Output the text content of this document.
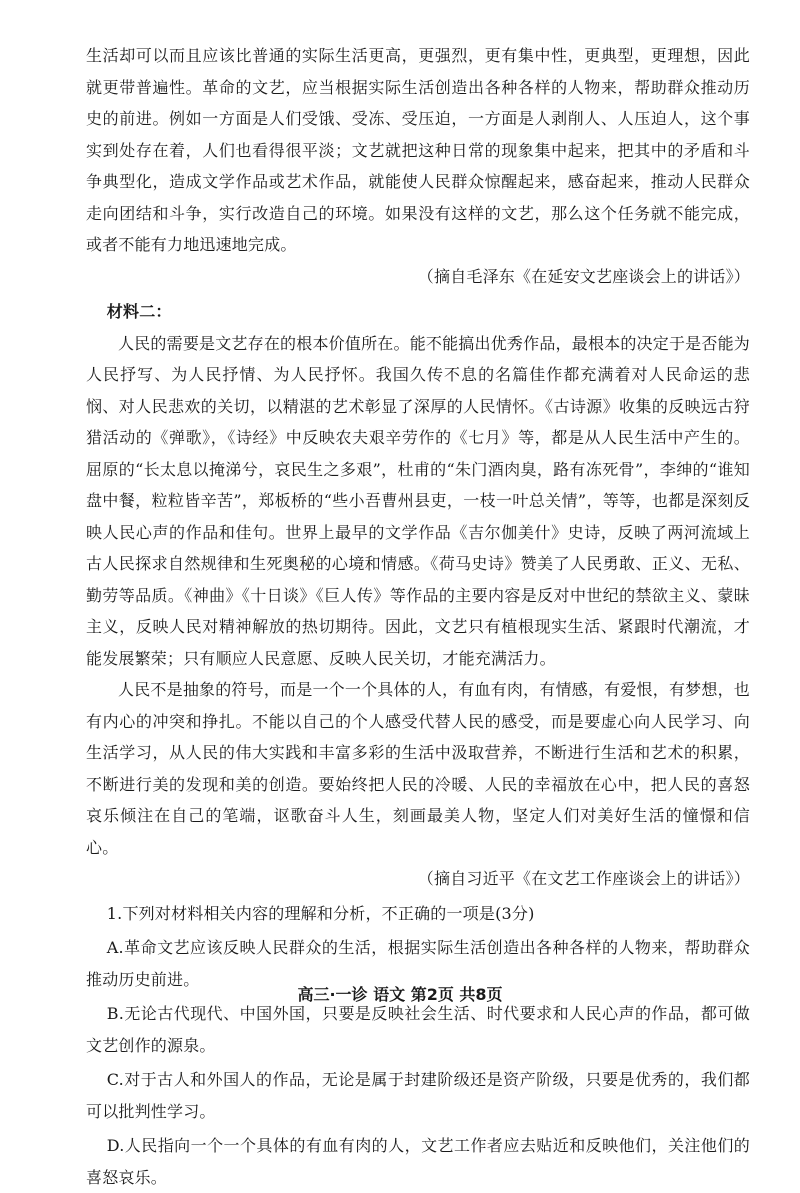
生活却可以而且应该比普通的实际生活更高，更强烈，更有集中性，更典型，更理想，因此就更带普遍性。革命的文艺，应当根据实际生活创造出各种各样的人物来，帮助群众推动历史的前进。例如一方面是人们受饿、受冻、受压迫，一方面是人剥削人、人压迫人，这个事实到处存在着，人们也看得很平淡；文艺就把这种日常的现象集中起来，把其中的矛盾和斗争典型化，造成文学作品或艺术作品，就能使人民群众惊醒起来，感奋起来，推动人民群众走向团结和斗争，实行改造自己的环境。如果没有这样的文艺，那么这个任务就不能完成，或者不能有力地迅速地完成。

（摘自毛泽东《在延安文艺座谈会上的讲话》）

材料二：

人民的需要是文艺存在的根本价值所在。能不能搞出优秀作品，最根本的决定于是否能为人民抒写、为人民抒情、为人民抒怀。我国久传不息的名篇佳作都充满着对人民命运的悲悯、对人民悲欢的关切，以精湛的艺术彰显了深厚的人民情怀。《古诗源》收集的反映远古狩猎活动的《弹歌》，《诗经》中反映农夫艰辛劳作的《七月》等，都是从人民生活中产生的。屈原的“长太息以掩涕兮，哀民生之多艰”，杜甫的“朱门酒肉臭，路有冻死骨”，李绅的“谁知盘中餐，粒粒皆辛苦”，郑板桥的“些小吾曹州县吏，一枝一叶总关情”，等等，也都是深刻反映人民心声的作品和佳句。世界上最早的文学作品《吉尔伽美什》史诗，反映了两河流域上古人民探求自然规律和生死奥秘的心境和情感。《荷马史诗》赞美了人民勇敢、正义、无私、勤劳等品质。《神曲》《十日谈》《巨人传》等作品的主要内容是反对中世纪的禁欲主义、蒙昧主义，反映人民对精神解放的热切期待。因此，文艺只有植根现实生活、紧跟时代潮流，才能发展繁荣；只有顺应人民意愿、反映人民关切，才能充满活力。

人民不是抽象的符号，而是一个一个具体的人，有血有肉，有情感，有爱恨，有梦想，也有内心的冲突和挣扎。不能以自己的个人感受代替人民的感受，而是要虚心向人民学习、向生活学习，从人民的伟大实践和丰富多彩的生活中汲取营养，不断进行生活和艺术的积累，不断进行美的发现和美的创造。要始终把人民的冷暖、人民的幸福放在心中，把人民的喜怒哀乐倾注在自己的笔端，讴歌奋斗人生，刻画最美人物，坚定人们对美好生活的憧憬和信心。

（摘自习近平《在文艺工作座谈会上的讲话》）

1.下列对材料相关内容的理解和分析，不正确的一项是(3分)

A.革命文艺应该反映人民群众的生活，根据实际生活创造出各种各样的人物来，帮助群众推动历史前进。

B.无论古代现代、中国外国，只要是反映社会生活、时代要求和人民心声的作品，都可做文艺创作的源泉。

C.对于古人和外国人的作品，无论是属于封建阶级还是资产阶级，只要是优秀的，我们都可以批判性学习。

D.人民指向一个一个具体的有血有肉的人，文艺工作者应去贴近和反映他们，关注他们的喜怒哀乐。

高三·一诊 语文 第2页 共8页
